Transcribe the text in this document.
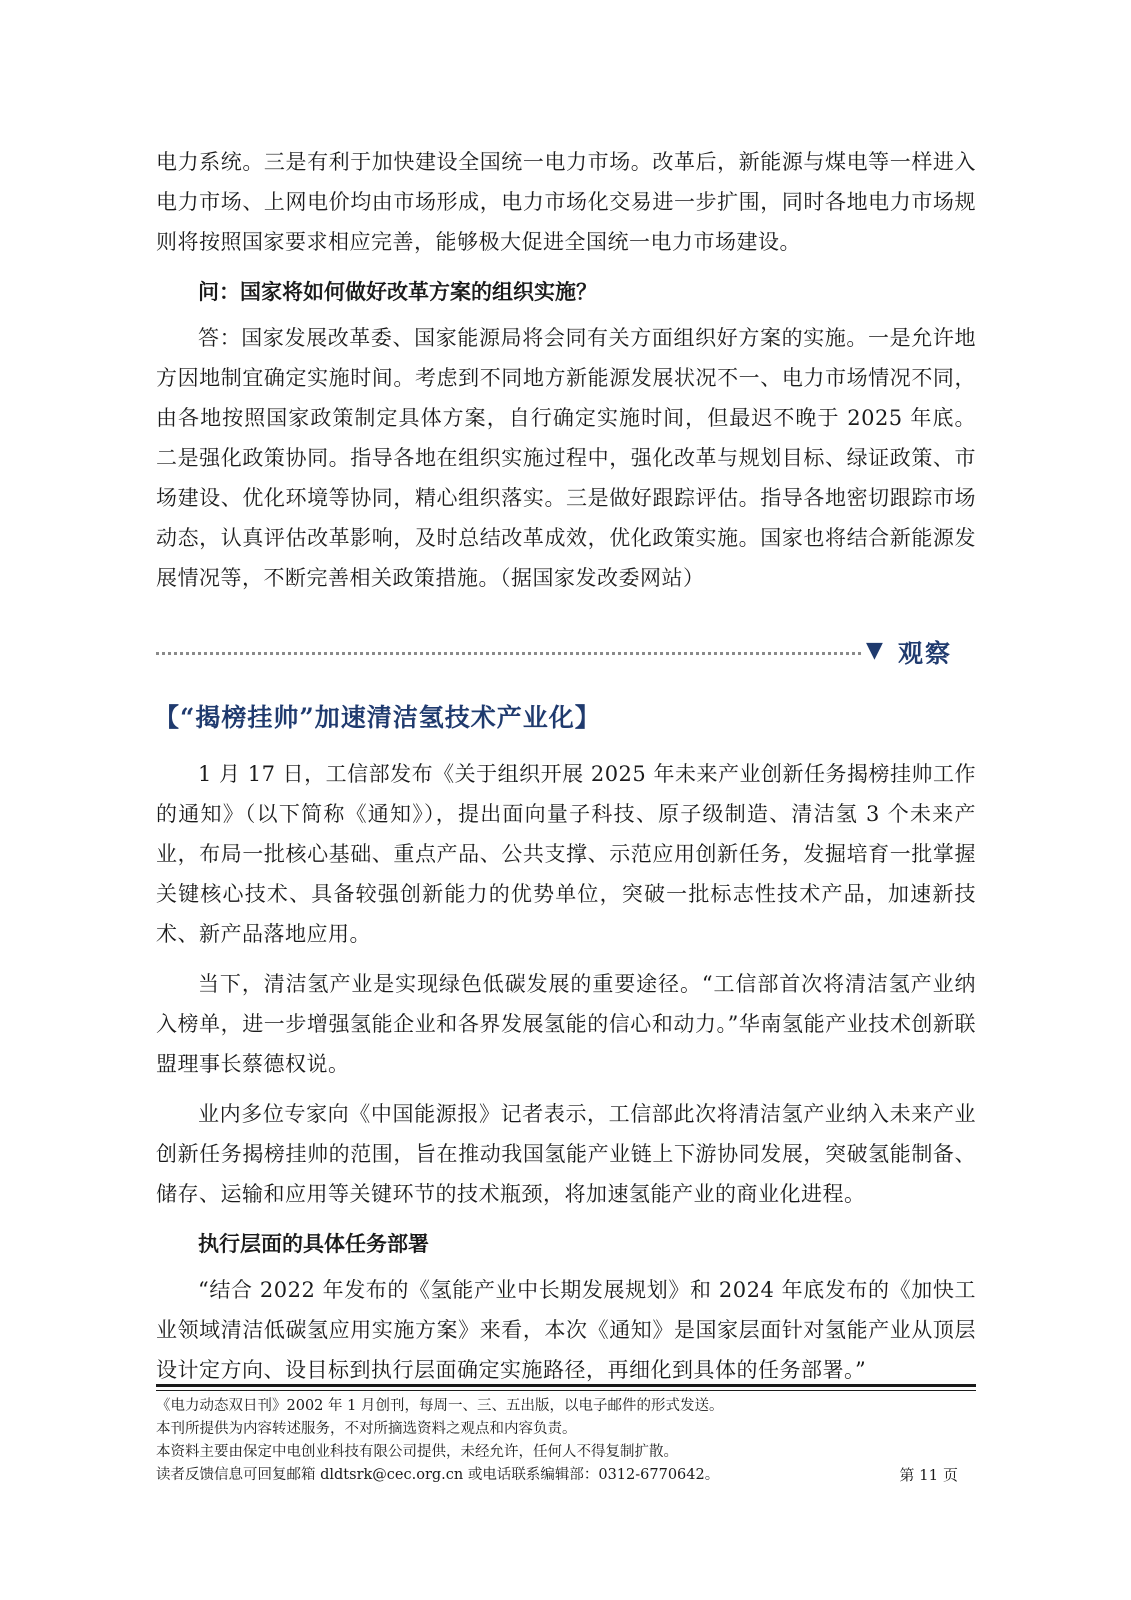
电力系统。三是有利于加快建设全国统一电力市场。改革后，新能源与煤电等一样进入电力市场、上网电价均由市场形成，电力市场化交易进一步扩围，同时各地电力市场规则将按照国家要求相应完善，能够极大促进全国统一电力市场建设。

问：国家将如何做好改革方案的组织实施？

答：国家发展改革委、国家能源局将会同有关方面组织好方案的实施。一是允许地方因地制宜确定实施时间。考虑到不同地方新能源发展状况不一、电力市场情况不同，由各地按照国家政策制定具体方案，自行确定实施时间，但最迟不晚于 2025 年底。二是强化政策协同。指导各地在组织实施过程中，强化改革与规划目标、绿证政策、市场建设、优化环境等协同，精心组织落实。三是做好跟踪评估。指导各地密切跟踪市场动态，认真评估改革影响，及时总结改革成效，优化政策实施。国家也将结合新能源发展情况等，不断完善相关政策措施。（据国家发改委网站）

▼ 观察
【“揭榜挂帅”加速清洁氢技术产业化】

1 月 17 日，工信部发布《关于组织开展 2025 年未来产业创新任务揭榜挂帅工作的通知》（以下简称《通知》），提出面向量子科技、原子级制造、清洁氢 3 个未来产业，布局一批核心基础、重点产品、公共支撑、示范应用创新任务，发掘培育一批掌握关键核心技术、具备较强创新能力的优势单位，突破一批标志性技术产品，加速新技术、新产品落地应用。

当下，清洁氢产业是实现绿色低碳发展的重要途径。“工信部首次将清洁氢产业纳入榜单，进一步增强氢能企业和各界发展氢能的信心和动力。”华南氢能产业技术创新联盟理事长蔡德权说。

业内多位专家向《中国能源报》记者表示，工信部此次将清洁氢产业纳入未来产业创新任务揭榜挂帅的范围，旨在推动我国氢能产业链上下游协同发展，突破氢能制备、储存、运输和应用等关键环节的技术瓶颈，将加速氢能产业的商业化进程。

执行层面的具体任务部署

“结合 2022 年发布的《氢能产业中长期发展规划》和 2024 年底发布的《加快工业领域清洁低碳氢应用实施方案》来看，本次《通知》是国家层面针对氢能产业从顶层设计定方向、设目标到执行层面确定实施路径，再细化到具体的任务部署。”

《电力动态双日刊》2002 年 1 月创刊，每周一、三、五出版，以电子邮件的形式发送。
本刊所提供为内容转述服务，不对所摘选资料之观点和内容负责。
本资料主要由保定中电创业科技有限公司提供，未经允许，任何人不得复制扩散。
读者反馈信息可回复邮箱 dldtsrk@cec.org.cn 或电话联系编辑部：0312-6770642。	第 11 页
